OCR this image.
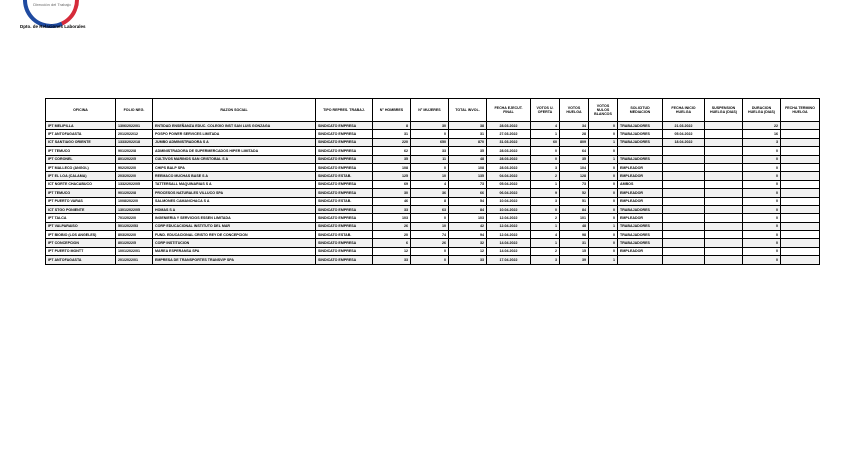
Dirección del Trabajo
Dpto. de Relaciones Laborales
OFICINA	FOLIO NEG.	RAZON SOCIAL	TIPO REPRES. TRABAJ.	N° HOMBRES	N° MUJERES	TOTAL INVOL.	FECHA EJECUT. FINAL	VOTOS U. OFERTA	VOTOS HUELGA	VOTOS NULOS BLANCOS	SOLICITUD MEDIACION	FECHA INICIO HUELGA	SUSPENSION HUELGA (DIAS)	DURACION HUELGA (DIAS)	FECHA TERMINO HUELGA
IPT MELIPILLA	1306/2022/01	ENTIDAD ENSEÑANZA EDUC. COLEGIO INST SAN LUIS GONZAGA	SINDICATO EMPRESA	8	30	38	28.03.2022	4	34	0	TRABAJADORES	21.03.2022		22	
IPT ANTOFAGASTA	201/2022/12	POSPO POWER SERVICES LIMITADA	SINDICATO EMPRESA	31	0	31	27.03.2022	1	28	0	TRABAJADORES	05.04.2022		16	
ICT SANTIAGO ORIENTE	1333/2022/18	JUMBO ADMINISTRADORA S A	SINDICATO EMPRESA	220	650	870	31.03.2022	60	809	1	TRABAJADORES	18.04.2022		3	
IPT TEMUCO	901/2022/8	ADMINISTRADORA DE SUPERMERCADOS HIPER LIMITADA	SINDICATO EMPRESA	62	33	35	28.03.2022	0	64	0				0	
IPT CORONEL	801/2022/5	CULTIVOS MARINOS SAN CRISTOBAL S A	SINDICATO EMPRESA	35	11	48	28.03.2022	0	35	1	TRABAJADORES			0	
IPT MALLECO (ANGOL)	902/2022/0	CHIPS BALP SPA	SINDICATO EMPRESA	108	0	108	28.03.2022	3	104	0	EMPLEADOR			0	
IPT EL LOA (CALAMA)	203/2022/0	REEMACO MUCHAS BASE S A	SINDICATO ESTAB.	125	10	135	04.04.2022	2	128	0	EMPLEADOR			0	
ICT NORTE CHACABUCO	1332/2022/05	TATTERSALL MAQUINARIAS S A	SINDICATO EMPRESA	69	4	73	05.04.2022	1	73	0	AMBOS			0	
IPT TEMUCO	901/2022/8	PROCESOS NATURALES VILLUCO SPA	SINDICATO EMPRESA	30	36	66	06.04.2022	9	52	0	EMPLEADOR			0	
IPT PUERTO VARAS	1008/2022/0	SALMONES CAMANCHACA S A	SINDICATO ESTAB.	46	8	54	10.04.2022	3	51	0	EMPLEADOR			0	
ICT STGO PONIENTE	1301/2022/05	HOMAS S A	SINDICATO EMPRESA	33	63	84	10.04.2022	0	84	0	TRABAJADORES			0	
IPT TALCA	701/2022/0	INGENIERIA Y SERVICIOS ESSEN LIMITADA	SINDICATO EMPRESA	103	0	103	12.04.2022	2	101	0	EMPLEADOR			0	
IPT VALPARAISO	501/2022/53	CORP EDUCACIONAL INSTITUTO DEL MAR	SINDICATO EMPRESA	26	10	42	12.04.2022	1	48	1	TRABAJADORES			0	
IPT BIOBIO (LOS ANGELES)	803/2022/0	FUND. EDUCACIONAL CRISTO REY DE CONCEPCION	SINDICATO ESTAB.	20	74	94	12.04.2022	4	98	0	TRABAJADORES			0	
IPT CONCEPCION	801/2022/5	CORP INSTITUCION	SINDICATO EMPRESA	6	26	32	14.04.2022	1	31	0	TRABAJADORES			0	
IPT PUERTO MONTT	1001/2022/01	MAREA ESPERANSA SPA	SINDICATO EMPRESA	12	0	12	14.04.2022	2	15	0	EMPLEADOR			0	
IPT ANTOFAGASTA	201/2022/01	EMPRESA DE TRANSPORTES TRANSVIP SPA	SINDICATO EMPRESA	33	0	33	17.04.2022	3	39	1				0	
